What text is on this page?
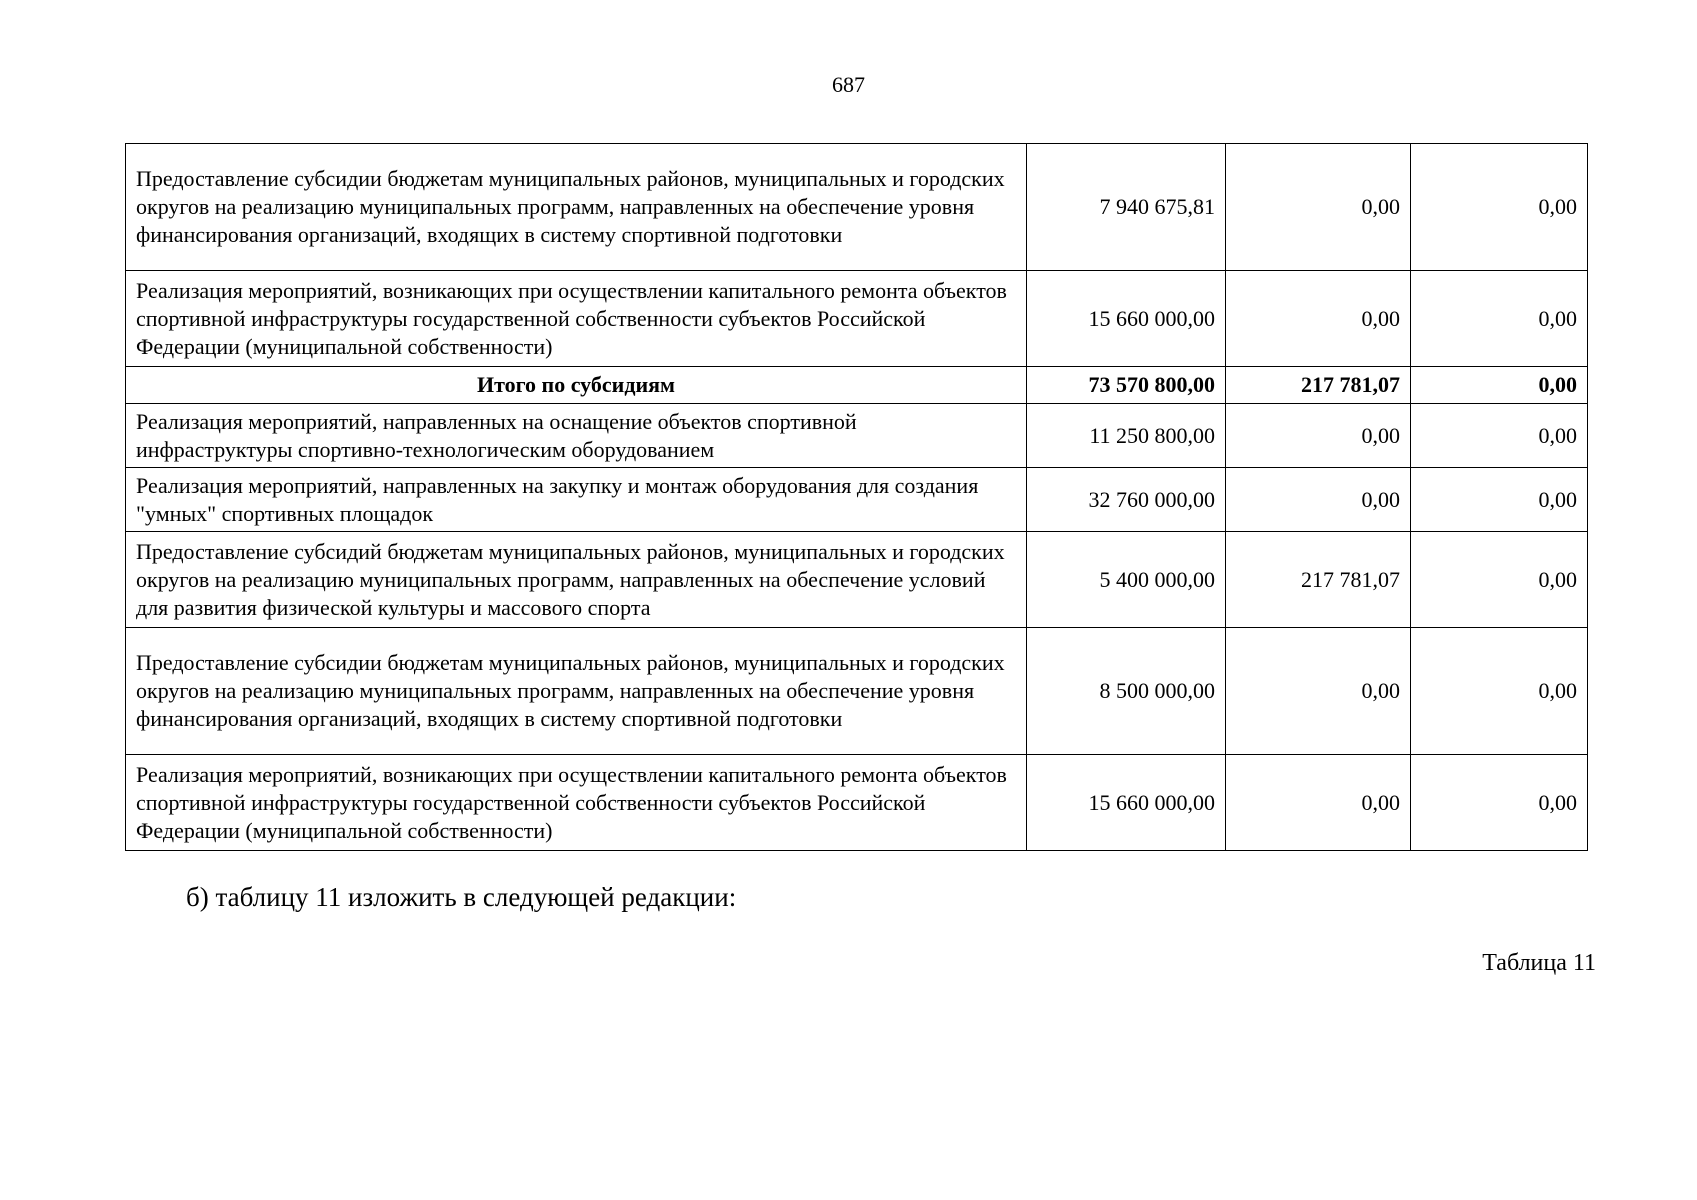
687
Предоставление субсидии бюджетам муниципальных районов, муниципальных и городских округов на реализацию муниципальных программ, направленных на обеспечение уровня финансирования организаций, входящих в систему спортивной подготовки	7 940 675,81	0,00	0,00
Реализация мероприятий, возникающих при осуществлении капитального ремонта объектов спортивной инфраструктуры государственной собственности субъектов Российской Федерации (муниципальной собственности)	15 660 000,00	0,00	0,00
Итого по субсидиям	73 570 800,00	217 781,07	0,00
Реализация мероприятий, направленных на оснащение объектов спортивной инфраструктуры спортивно-технологическим оборудованием	11 250 800,00	0,00	0,00
Реализация мероприятий, направленных на закупку и монтаж оборудования для создания "умных" спортивных площадок	32 760 000,00	0,00	0,00
Предоставление субсидий бюджетам муниципальных районов, муниципальных и городских округов на реализацию муниципальных программ, направленных на обеспечение условий для развития физической культуры и массового спорта	5 400 000,00	217 781,07	0,00
Предоставление субсидии бюджетам муниципальных районов, муниципальных и городских округов на реализацию муниципальных программ, направленных на обеспечение уровня финансирования организаций, входящих в систему спортивной подготовки	8 500 000,00	0,00	0,00
Реализация мероприятий, возникающих при осуществлении капитального ремонта объектов спортивной инфраструктуры государственной собственности субъектов Российской Федерации (муниципальной собственности)	15 660 000,00	0,00	0,00
б) таблицу 11 изложить в следующей редакции:
Таблица 11
